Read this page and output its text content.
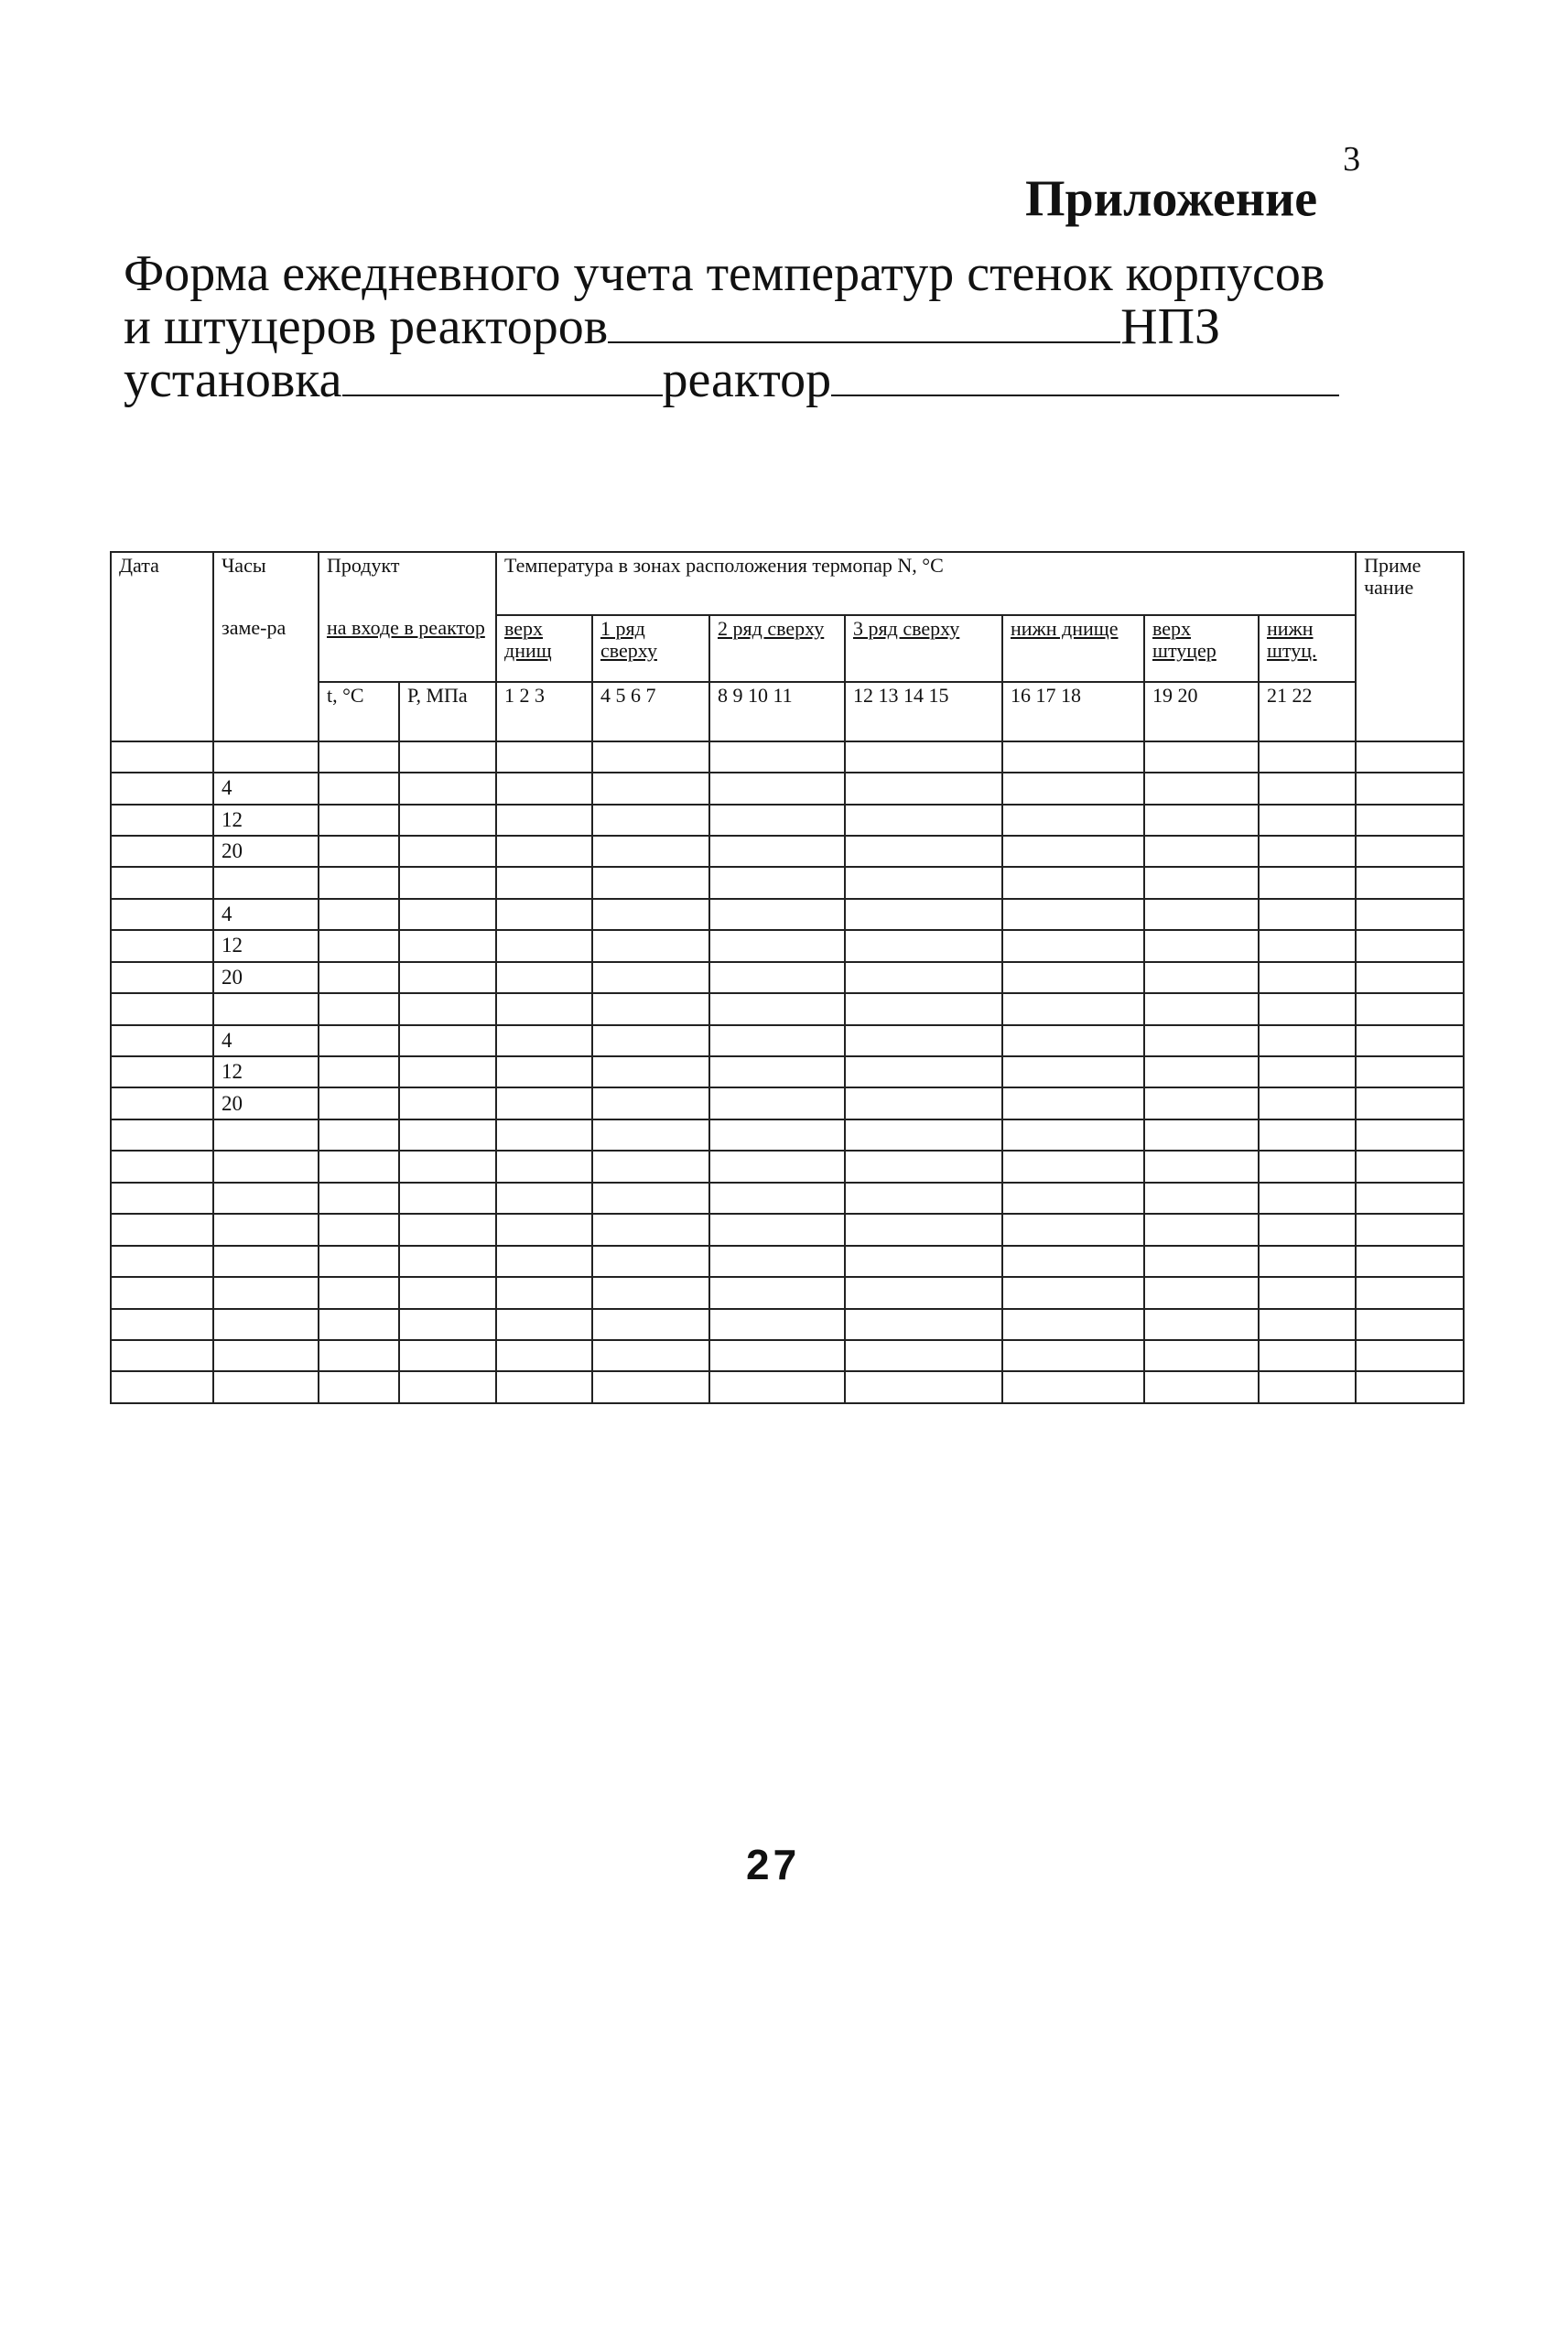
Приложение$^3$
Форма ежедневного учета температур стенок корпусов
и штуцеров реакторов	НПЗ
установка	реактор
Дата	Часы	Продукт		Температура в зонах расположения термопар N, °С							Приме чание
	заме-ра	на входе в реактор		верх днищ	1 ряд сверху	2 ряд сверху	3 ряд сверху	нижн днище	верх штуцер	нижн штуц.	
		t, °С	Р, МПа	1 2 3	4 5 6 7	8 9 10 11	12 13 14 15	16 17 18	19 20	21 22	

	4										
	12										
	20										

	4										
	12										
	20										

	4										
	12										
	20										

27
